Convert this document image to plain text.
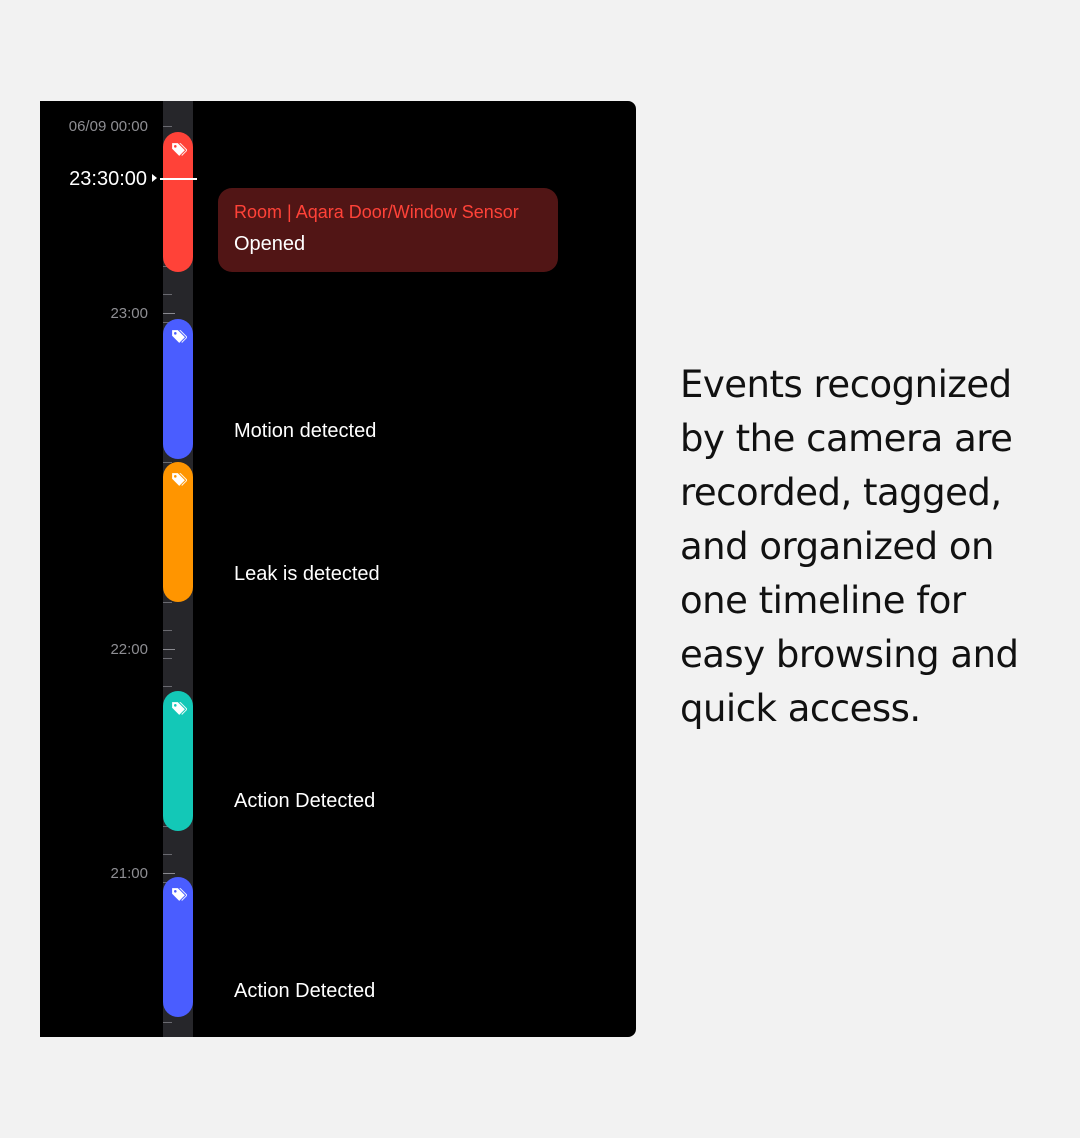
06/09 00:00
23:00
22:00
21:00
23:30:00
Room | Aqara Door/Window Sensor
Opened
Motion detected
Leak is detected
Action Detected
Action Detected
Events recognized by the camera are recorded, tagged, and organized on one timeline for easy browsing and quick access.
